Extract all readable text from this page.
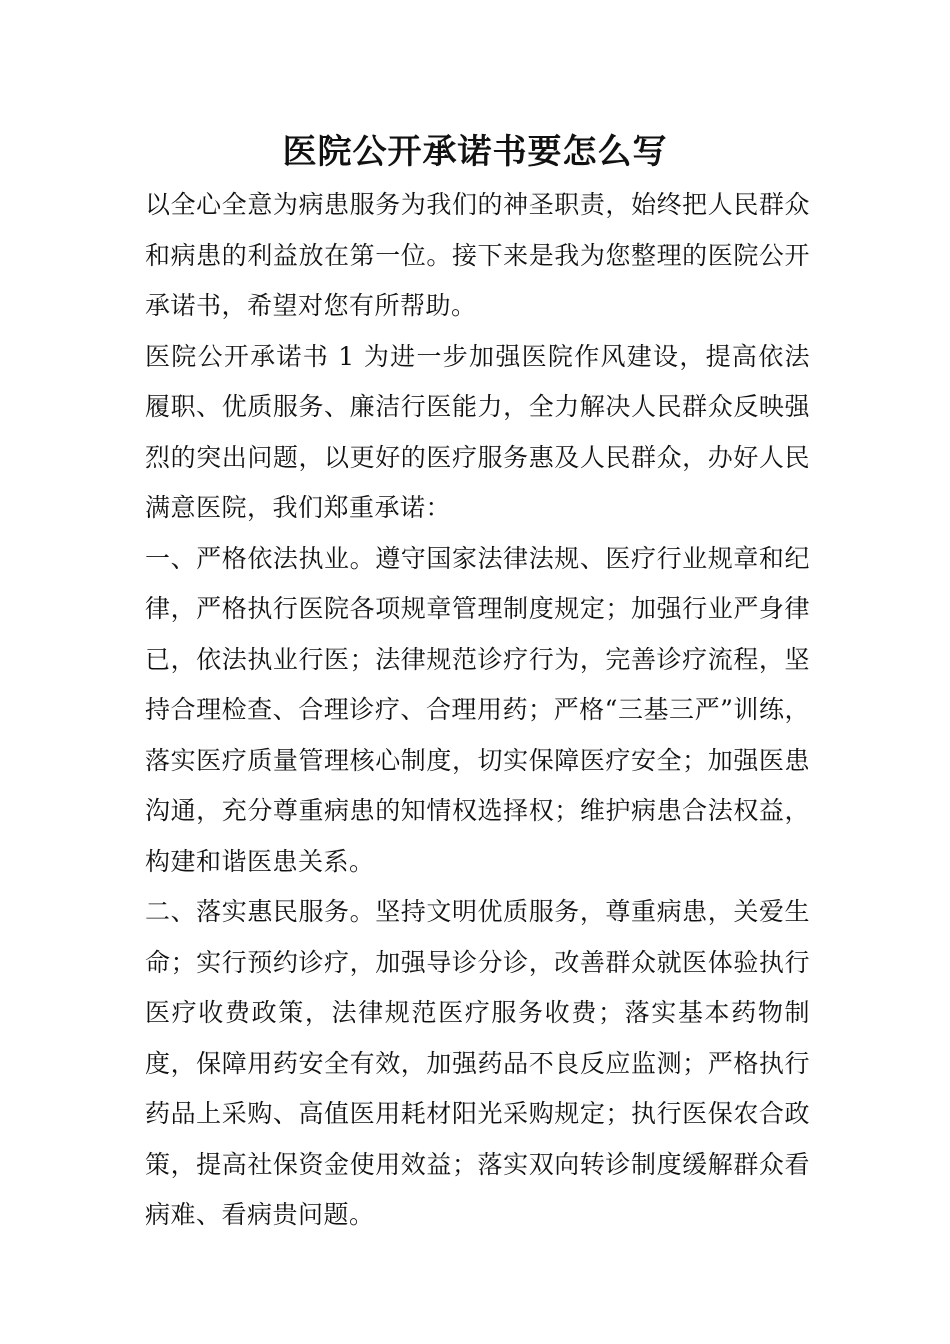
医院公开承诺书要怎么写

以全心全意为病患服务为我们的神圣职责，始终把人民群众和病患的利益放在第一位。接下来是我为您整理的医院公开承诺书，希望对您有所帮助。

医院公开承诺书 1 为进一步加强医院作风建设，提高依法履职、优质服务、廉洁行医能力，全力解决人民群众反映强烈的突出问题，以更好的医疗服务惠及人民群众，办好人民满意医院，我们郑重承诺：

一、严格依法执业。遵守国家法律法规、医疗行业规章和纪律，严格执行医院各项规章管理制度规定；加强行业严身律已，依法执业行医；法律规范诊疗行为，完善诊疗流程，坚持合理检查、合理诊疗、合理用药；严格“三基三严”训练，落实医疗质量管理核心制度，切实保障医疗安全；加强医患沟通，充分尊重病患的知情权选择权；维护病患合法权益，构建和谐医患关系。

二、落实惠民服务。坚持文明优质服务，尊重病患，关爱生命；实行预约诊疗，加强导诊分诊，改善群众就医体验执行医疗收费政策，法律规范医疗服务收费；落实基本药物制度，保障用药安全有效，加强药品不良反应监测；严格执行药品上采购、高值医用耗材阳光采购规定；执行医保农合政策，提高社保资金使用效益；落实双向转诊制度缓解群众看病难、看病贵问题。
